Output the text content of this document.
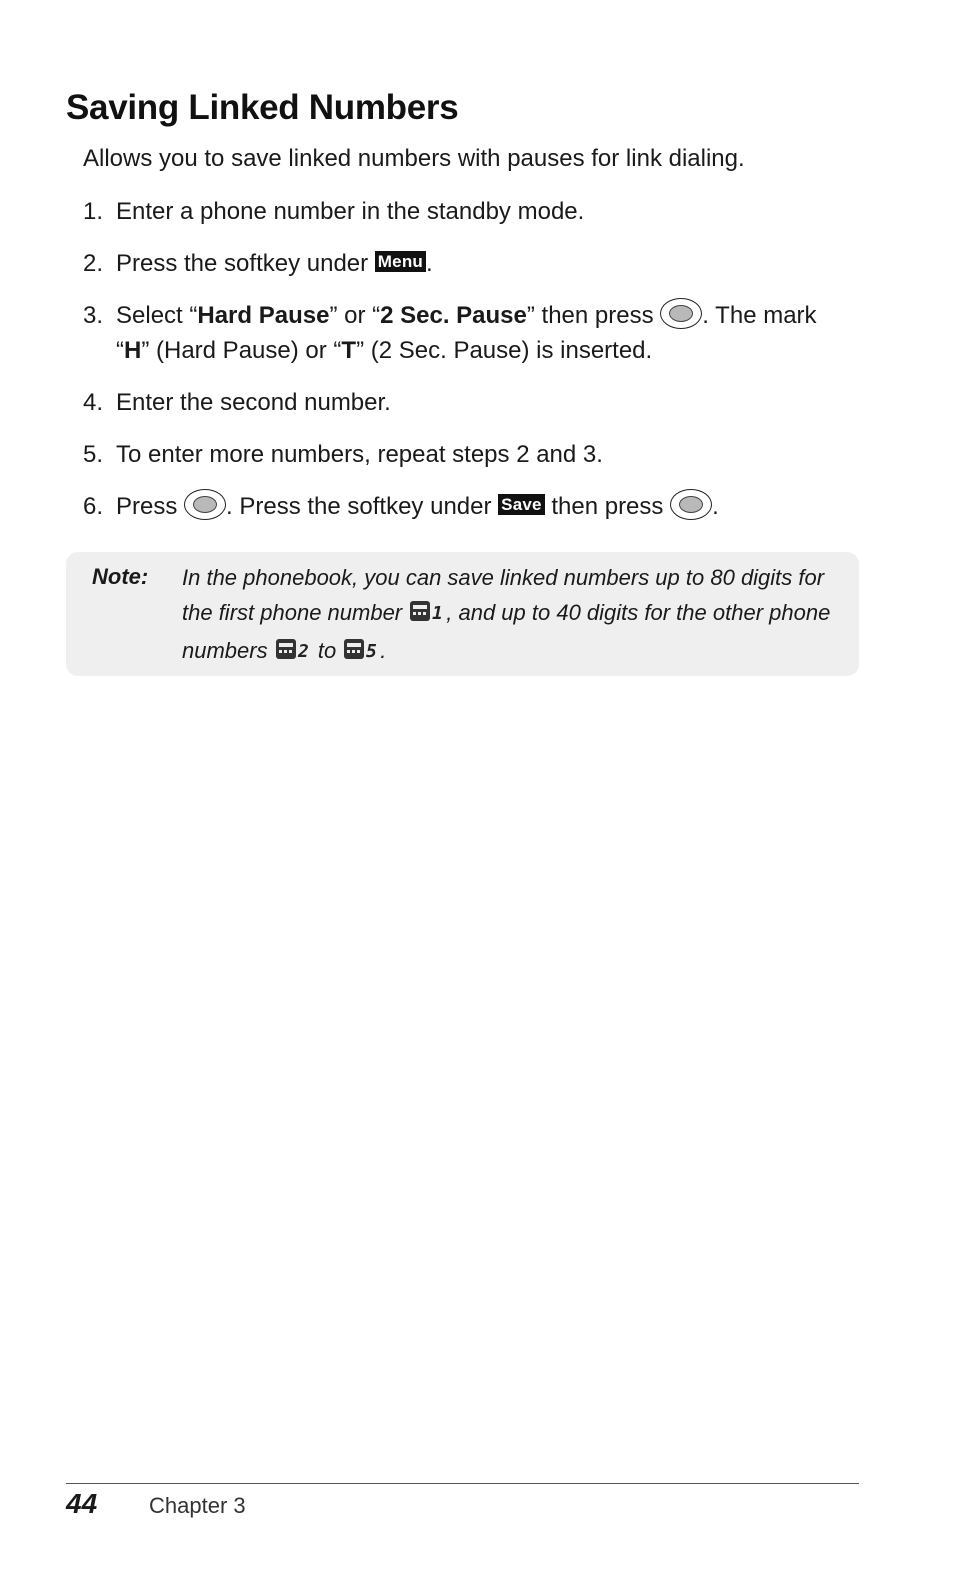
Saving Linked Numbers

Allows you to save linked numbers with pauses for link dialing.

1. Enter a phone number in the standby mode.
2. Press the softkey under Menu .
3. Select “Hard Pause” or “2 Sec. Pause” then press . The mark “H” (Hard Pause) or “T” (2 Sec. Pause) is inserted.
4. Enter the second number.
5. To enter more numbers, repeat steps 2 and 3.
6. Press . Press the softkey under Save then press .
Note: In the phonebook, you can save linked numbers up to 80 digits for the first phone number 1 , and up to 40 digits for the other phone numbers 2 to 5 .

44 Chapter 3
